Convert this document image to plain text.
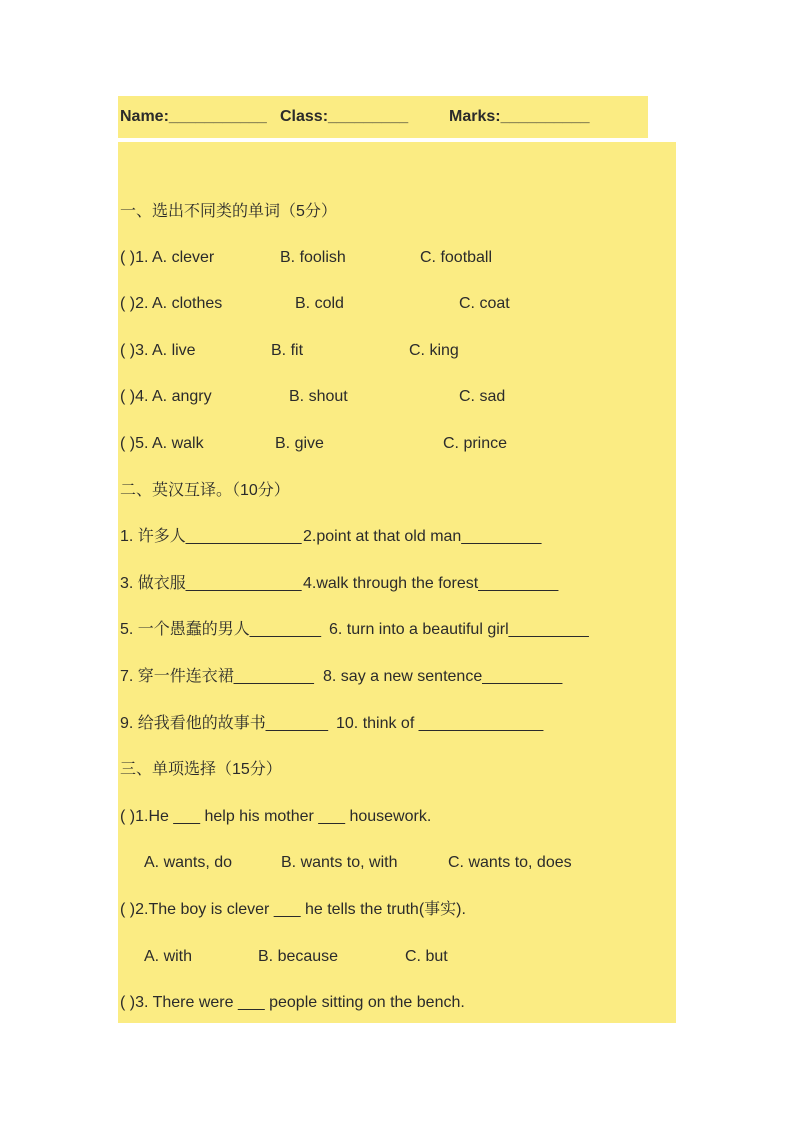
Name:___________ Class:_________	Marks:__________
一、选出不同类的单词（5分）
( )1. A. clever	B. foolish	C. football
( )2. A. clothes	B. cold	C. coat
( )3. A. live	B. fit	C. king
( )4. A. angry	B. shout	C. sad
( )5. A. walk	B. give	C. prince
二、英汉互译。（10分）
1. 许多人_____________ 2.point at that old man_________
3. 做衣服_____________ 4.walk through the forest_________
5. 一个愚蠢的男人________ 6. turn into a beautiful girl_________
7. 穿一件连衣裙_________ 8. say a new sentence_________
9. 给我看他的故事书_______ 10. think of ______________
三、单项选择（15分）
( )1.He ___ help his mother ___ housework.
A. wants, do	B. wants to, with	C. wants to, does
( )2.The boy is clever ___ he tells the truth(事实).
A. with	B. because	C. but
( )3. There were ___ people sitting on the bench.
